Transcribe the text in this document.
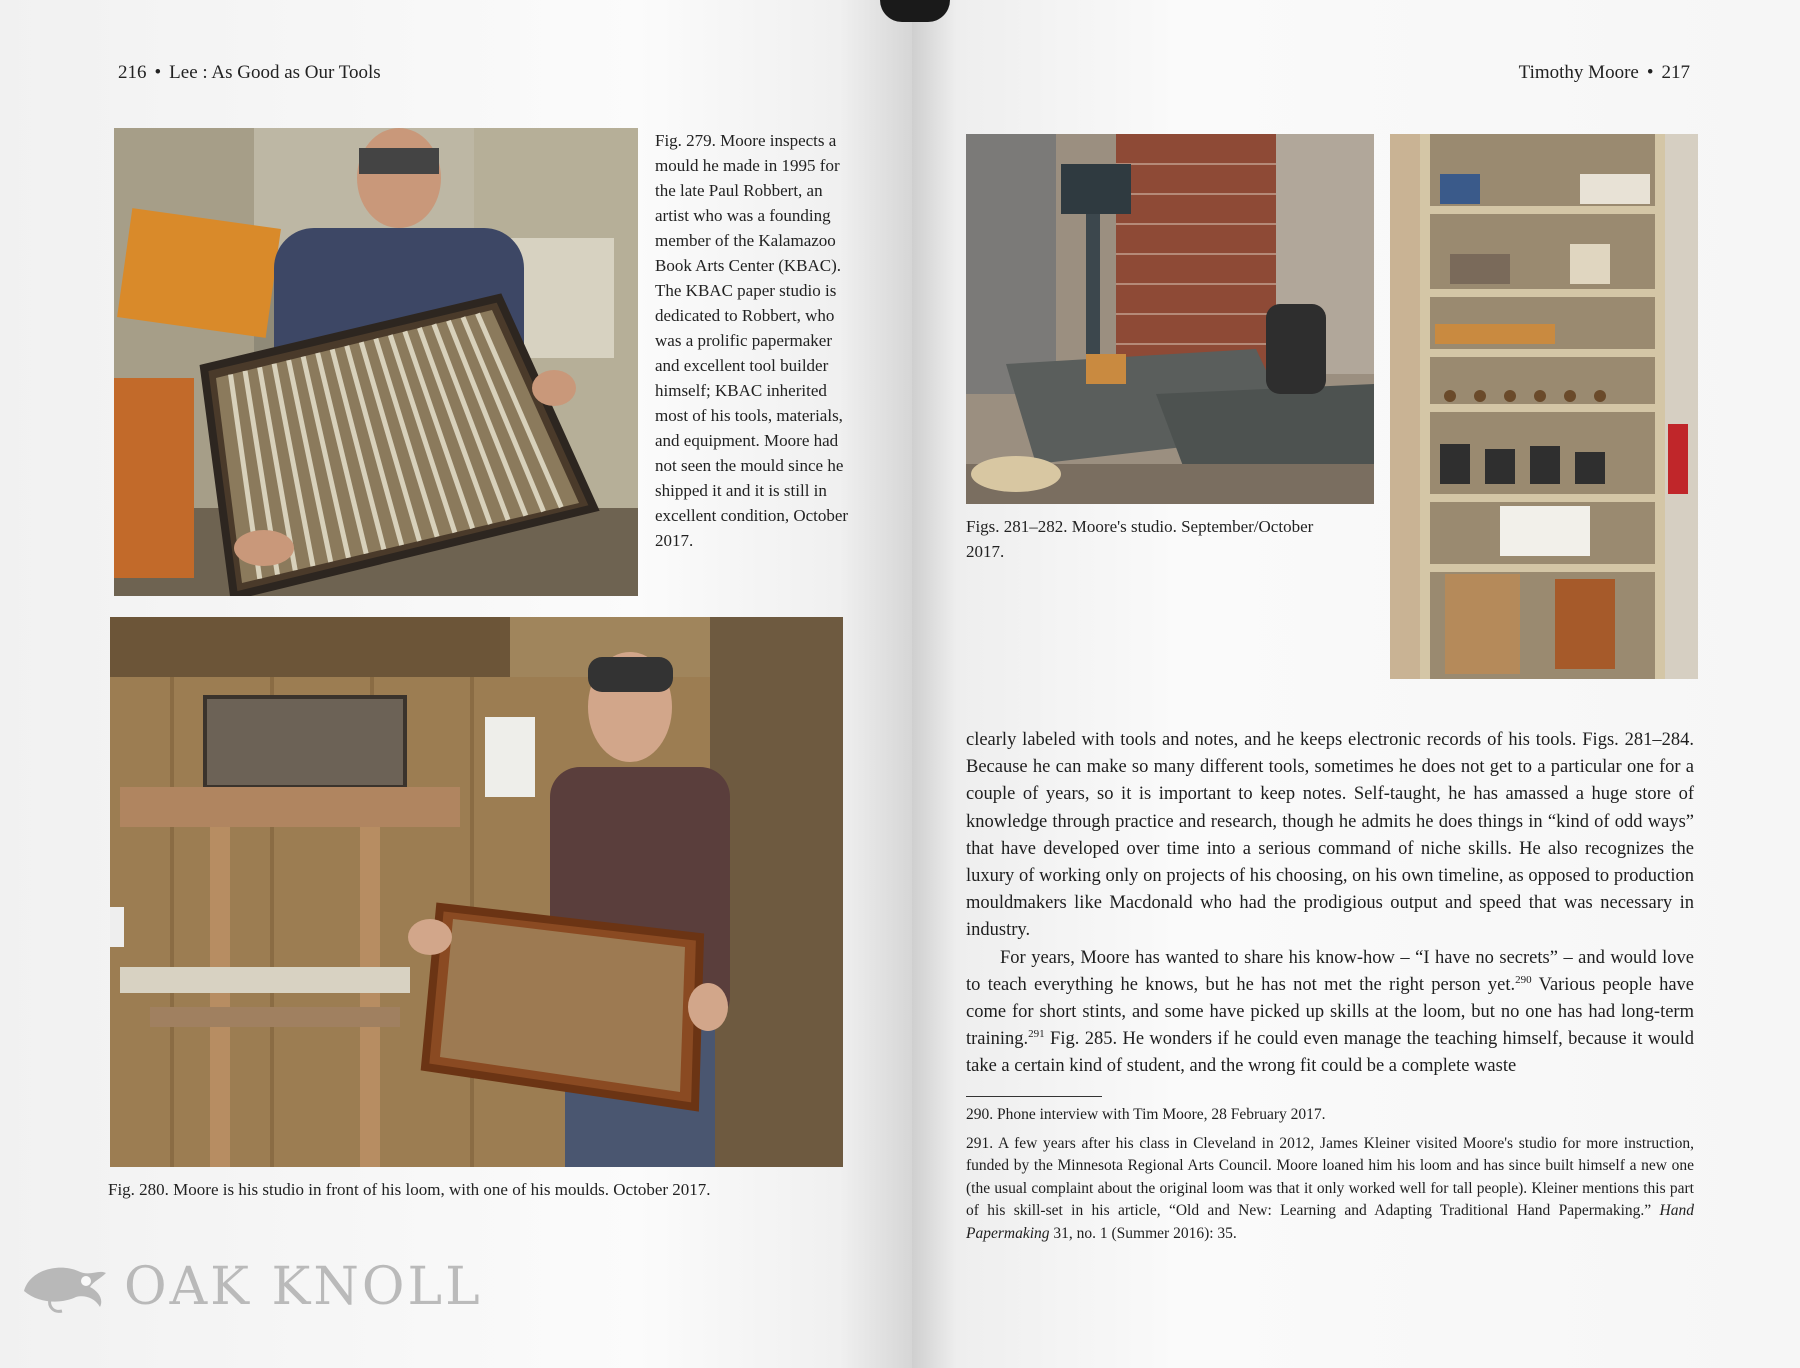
216 • Lee : As Good as Our Tools
Fig. 279. Moore inspects a mould he made in 1995 for the late Paul Robbert, an artist who was a founding member of the Kalamazoo Book Arts Center (KBAC). The KBAC paper studio is dedicated to Robbert, who was a prolific papermaker and excellent tool builder himself; KBAC inherited most of his tools, materials, and equipment. Moore had not seen the mould since he shipped it and it is still in excellent condition, October 2017.
Fig. 280. Moore is his studio in front of his loom, with one of his moulds. October 2017.
OAK KNOLL
Timothy Moore • 217
Figs. 281–282. Moore's studio. September/October 2017.

clearly labeled with tools and notes, and he keeps electronic records of his tools. Figs. 281–284. Because he can make so many different tools, sometimes he does not get to a particular one for a couple of years, so it is important to keep notes. Self-taught, he has amassed a huge store of knowledge through practice and research, though he admits he does things in “kind of odd ways” that have developed over time into a serious command of niche skills. He also recognizes the luxury of working only on projects of his choosing, on his own timeline, as opposed to production mouldmakers like Macdonald who had the prodigious output and speed that was necessary in industry.

For years, Moore has wanted to share his know-how – “I have no secrets” – and would love to teach everything he knows, but he has not met the right person yet.$^{290}$ Various people have come for short stints, and some have picked up skills at the loom, but no one has had long-term training.$^{291}$ Fig. 285. He wonders if he could even manage the teaching himself, because it would take a certain kind of student, and the wrong fit could be a complete waste

290. Phone interview with Tim Moore, 28 February 2017.

291. A few years after his class in Cleveland in 2012, James Kleiner visited Moore's studio for more instruction, funded by the Minnesota Regional Arts Council. Moore loaned him his loom and has since built himself a new one (the usual complaint about the original loom was that it only worked well for tall people). Kleiner mentions this part of his skill-set in his article, “Old and New: Learning and Adapting Traditional Hand Papermaking.” Hand Papermaking 31, no. 1 (Summer 2016): 35.
